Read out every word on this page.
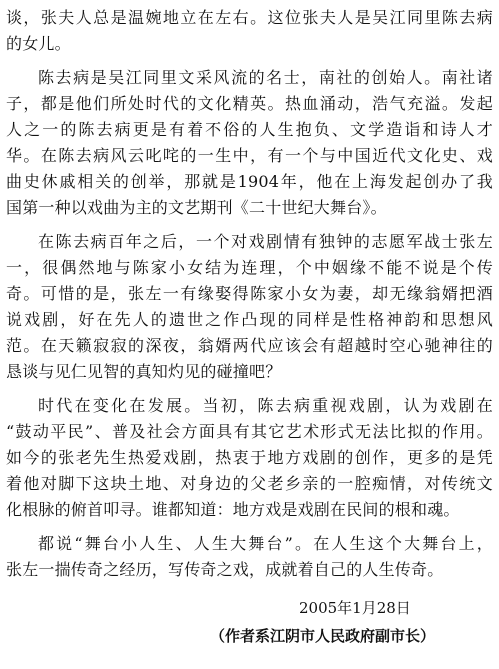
谈，张夫人总是温婉地立在左右。这位张夫人是吴江同里陈去病
的女儿。
陈去病是吴江同里文采风流的名士，南社的创始人。南社诸
子，都是他们所处时代的文化精英。热血涌动，浩气充溢。发起
人之一的陈去病更是有着不俗的人生抱负、文学造诣和诗人才
华。在陈去病风云叱咤的一生中，有一个与中国近代文化史、戏
曲史休戚相关的创举，那就是1904年，他在上海发起创办了我
国第一种以戏曲为主的文艺期刊《二十世纪大舞台》。
在陈去病百年之后，一个对戏剧情有独钟的志愿军战士张左
一，很偶然地与陈家小女结为连理，个中姻缘不能不说是个传
奇。可惜的是，张左一有缘娶得陈家小女为妻，却无缘翁婿把酒
说戏剧，好在先人的遗世之作凸现的同样是性格神韵和思想风
范。在天籁寂寂的深夜，翁婿两代应该会有超越时空心驰神往的
恳谈与见仁见智的真知灼见的碰撞吧？
时代在变化在发展。当初，陈去病重视戏剧，认为戏剧在
“鼓动平民”、普及社会方面具有其它艺术形式无法比拟的作用。
如今的张老先生热爱戏剧，热衷于地方戏剧的创作，更多的是凭
着他对脚下这块土地、对身边的父老乡亲的一腔痴情，对传统文
化根脉的俯首叩寻。谁都知道：地方戏是戏剧在民间的根和魂。
都说“舞台小人生、人生大舞台”。在人生这个大舞台上，
张左一揣传奇之经历，写传奇之戏，成就着自己的人生传奇。
2005年1月28日
（作者系江阴市人民政府副市长）
